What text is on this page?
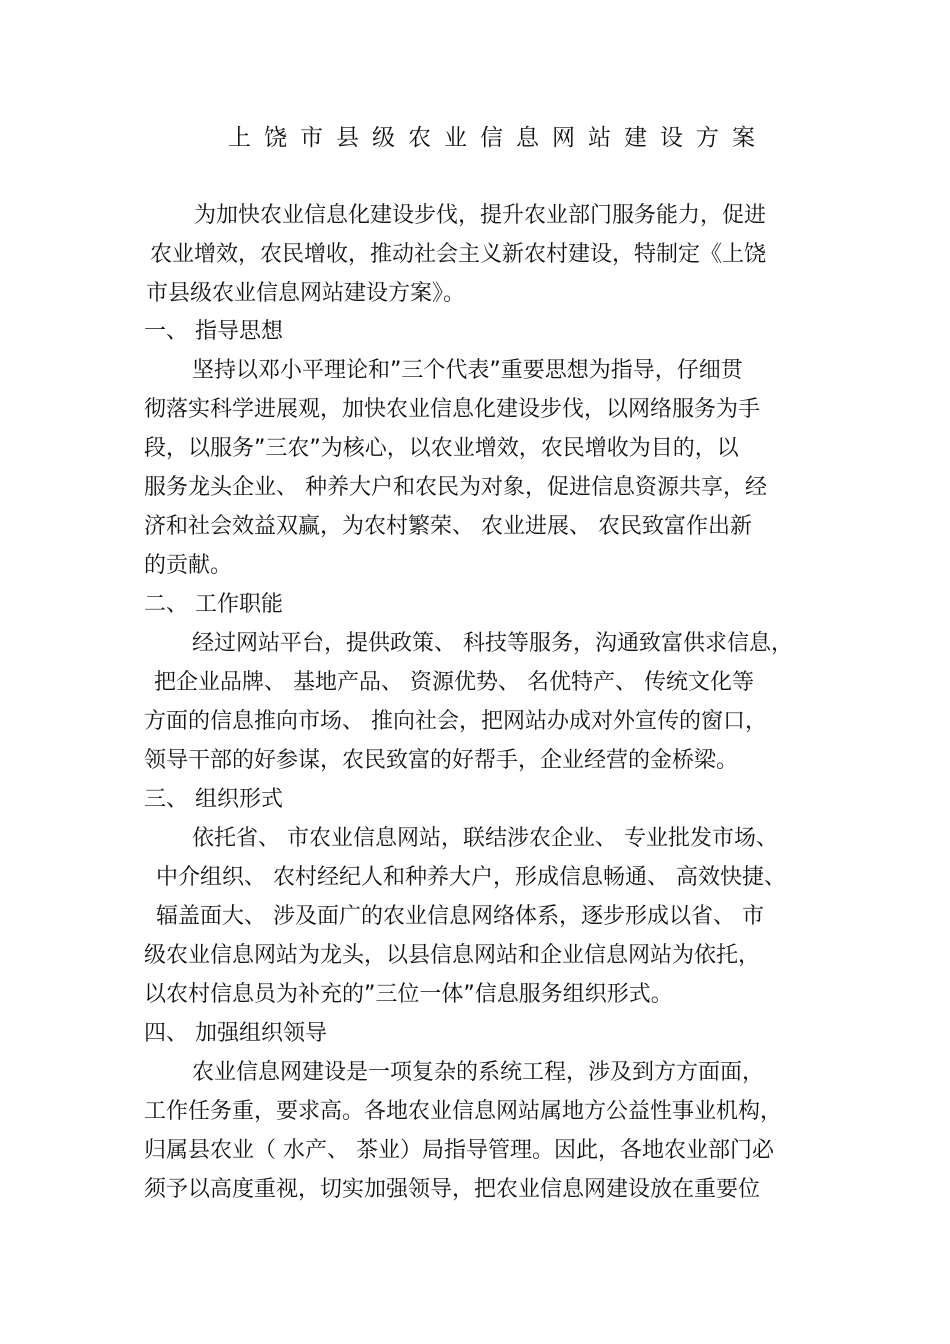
上饶市县级农业信息网站建设方案
为加快农业信息化建设步伐，提升农业部门服务能力，促进
农业增效，农民增收，推动社会主义新农村建设，特制定《上饶
市县级农业信息网站建设方案》。
一、 指导思想
坚持以邓小平理论和”三个代表”重要思想为指导，仔细贯
彻落实科学进展观，加快农业信息化建设步伐，以网络服务为手
段，以服务”三农”为核心，以农业增效，农民增收为目的，以
服务龙头企业、 种养大户和农民为对象，促进信息资源共享，经
济和社会效益双赢，为农村繁荣、 农业进展、 农民致富作出新
的贡献。
二、 工作职能
经过网站平台，提供政策、 科技等服务，沟通致富供求信息，
把企业品牌、 基地产品、 资源优势、 名优特产、 传统文化等
方面的信息推向市场、 推向社会，把网站办成对外宣传的窗口，
领导干部的好参谋，农民致富的好帮手，企业经营的金桥梁。
三、 组织形式
依托省、 市农业信息网站，联结涉农企业、 专业批发市场、
中介组织、 农村经纪人和种养大户，形成信息畅通、 高效快捷、
辐盖面大、 涉及面广的农业信息网络体系，逐步形成以省、 市
级农业信息网站为龙头，以县信息网站和企业信息网站为依托，
以农村信息员为补充的”三位一体”信息服务组织形式。
四、 加强组织领导
农业信息网建设是一项复杂的系统工程，涉及到方方面面，
工作任务重，要求高。各地农业信息网站属地方公益性事业机构，
归属县农业（ 水产、 茶业）局指导管理。因此，各地农业部门必
须予以高度重视，切实加强领导，把农业信息网建设放在重要位
